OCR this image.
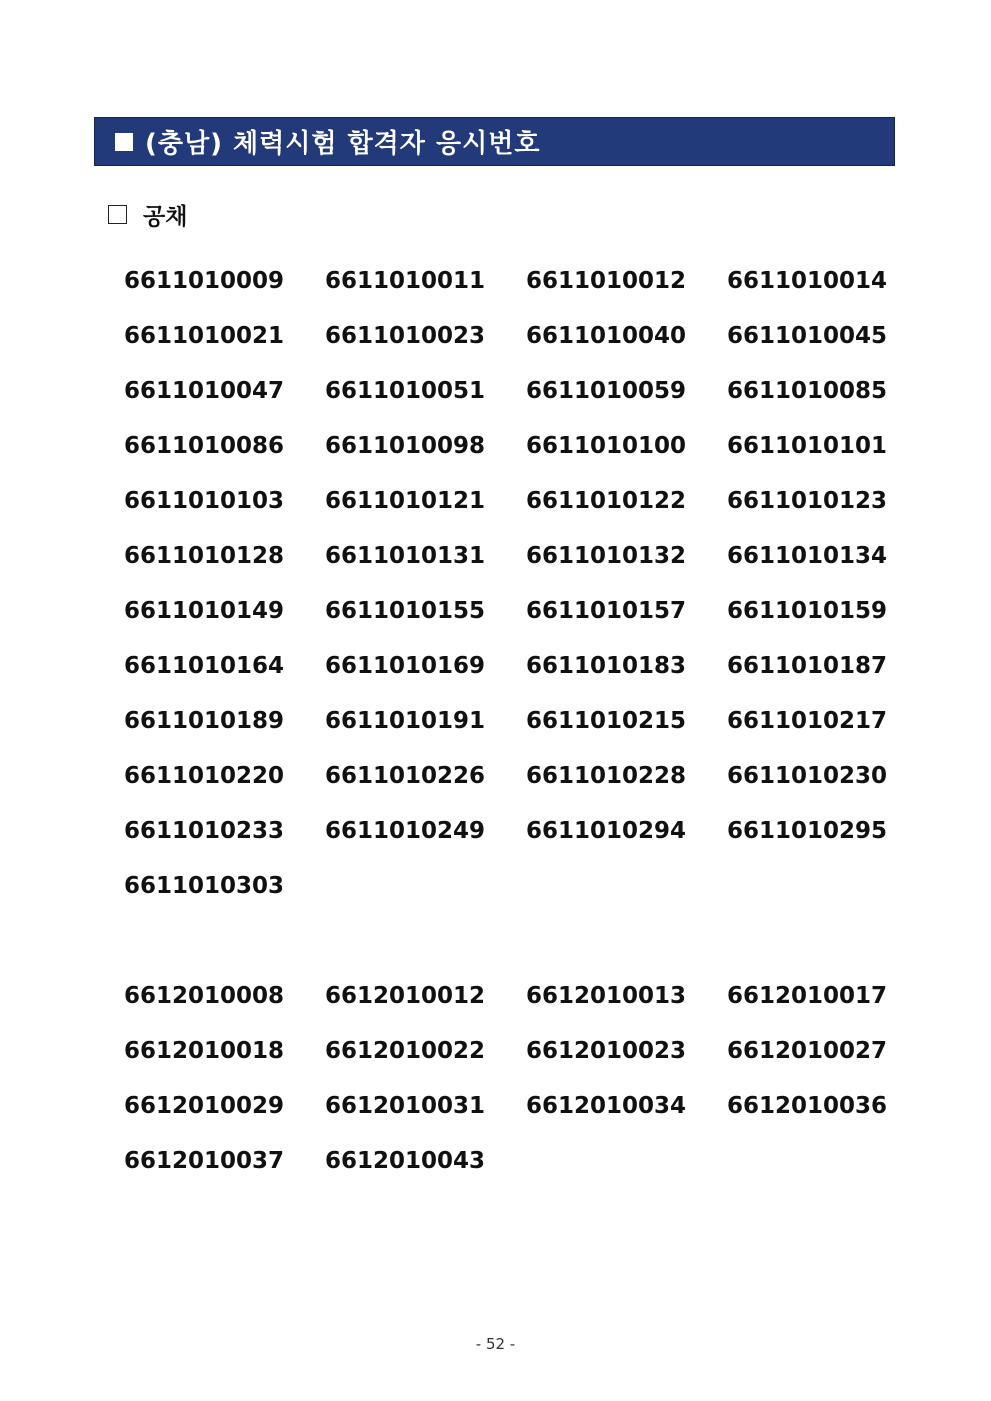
(충남) 체력시험 합격자 응시번호
공채
6611010009	6611010011	6611010012	6611010014
6611010021	6611010023	6611010040	6611010045
6611010047	6611010051	6611010059	6611010085
6611010086	6611010098	6611010100	6611010101
6611010103	6611010121	6611010122	6611010123
6611010128	6611010131	6611010132	6611010134
6611010149	6611010155	6611010157	6611010159
6611010164	6611010169	6611010183	6611010187
6611010189	6611010191	6611010215	6611010217
6611010220	6611010226	6611010228	6611010230
6611010233	6611010249	6611010294	6611010295
6611010303
6612010008	6612010012	6612010013	6612010017
6612010018	6612010022	6612010023	6612010027
6612010029	6612010031	6612010034	6612010036
6612010037	6612010043
- 52 -
